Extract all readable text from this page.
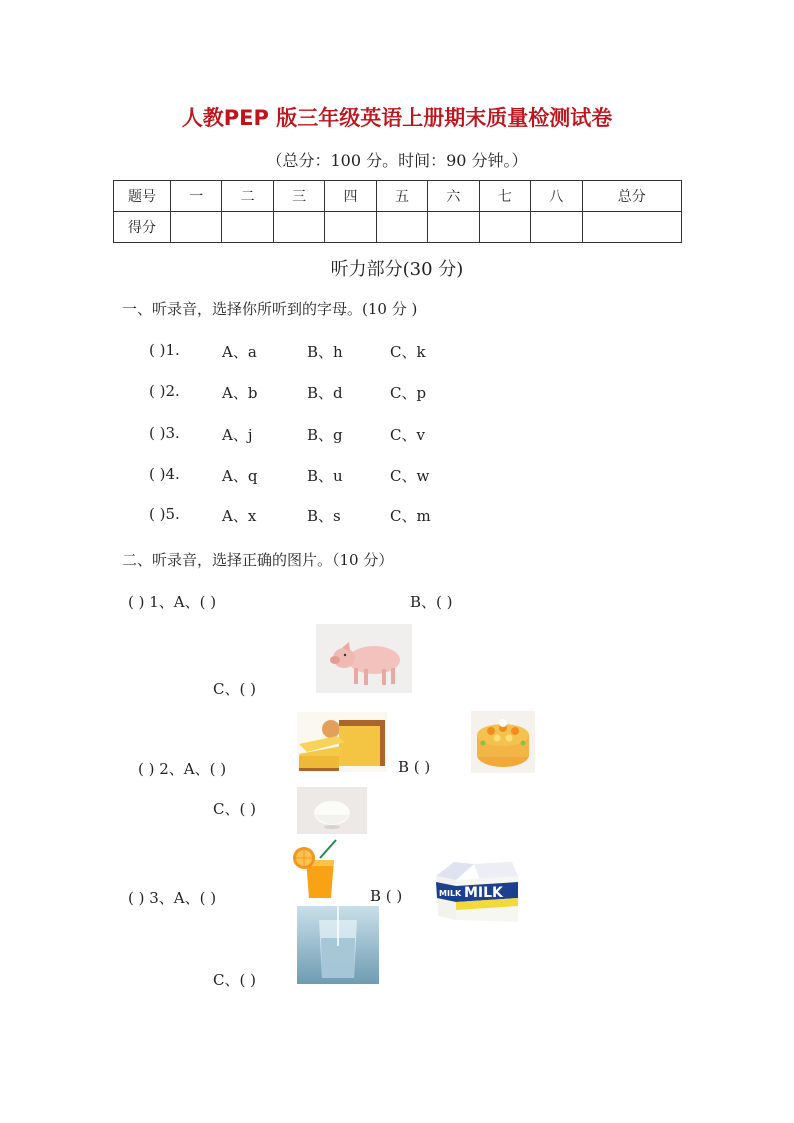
人教PEP 版三年级英语上册期末质量检测试卷
（总分：100 分。时间：90 分钟。）
题号	一	二	三	四	五	六	七	八	总分
得分									
听力部分(30 分)
一、听录音，选择你所听到的字母。(10 分 )
( )1.	A、a	B、h	C、k
( )2.	A、b	B、d	C、p
( )3.	A、j	B、g	C、v
( )4.	A、q	B、u	C、w
( )5.	A、x	B、s	C、m
二、听录音，选择正确的图片。（10 分）
( ) 1、A、( )	B、( )
C、( )
( ) 2、A、( )	B ( )
C、( )
( ) 3、A、( )	B ( )
C、( )
MILK MILK
